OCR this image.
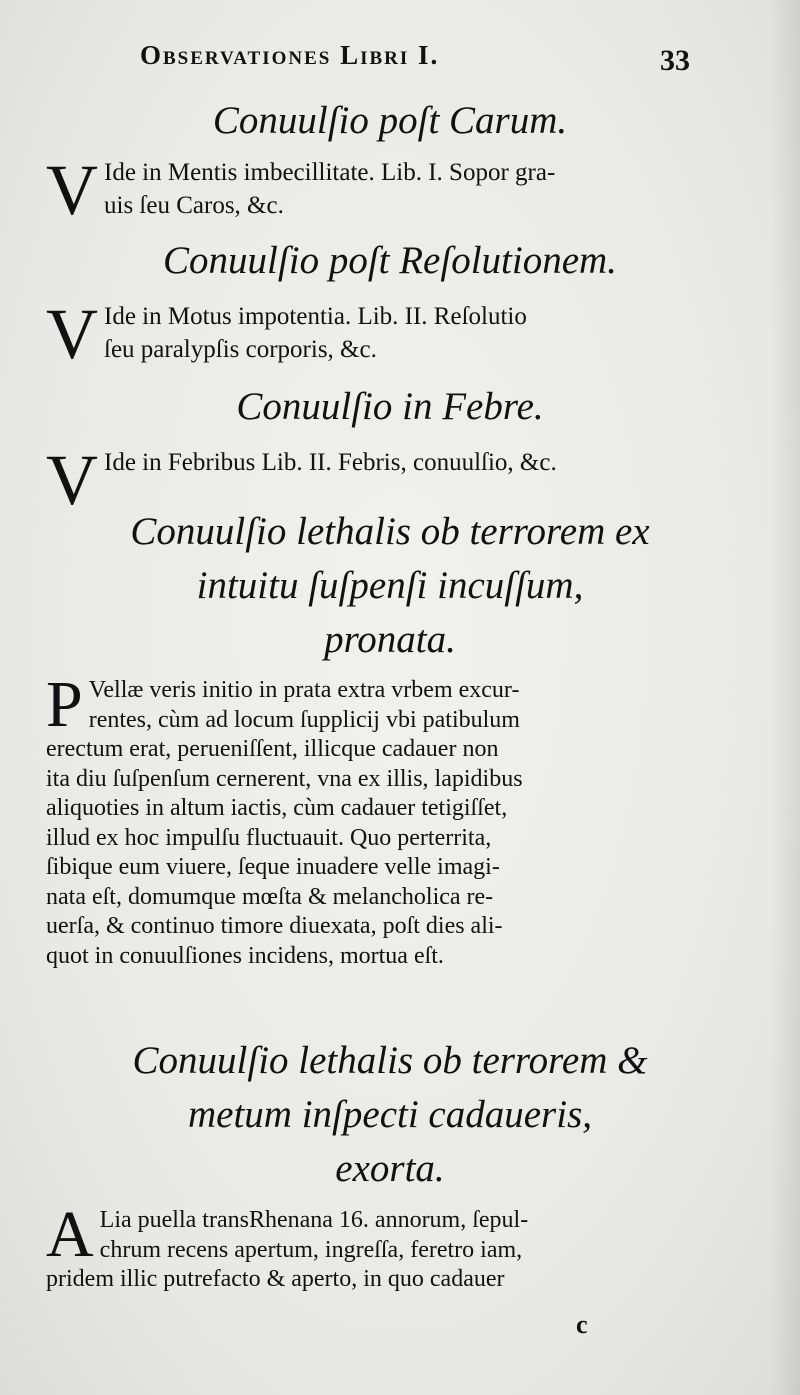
Observationes Libri I.	33
Conuulſio poſt Carum.
V Ide in Mentis imbecillitate. Lib. I. Sopor gra-
uis ſeu Caros, &c.
Conuulſio poſt Reſolutionem.
V Ide in Motus impotentia. Lib. II. Reſolutio
ſeu paralypſis corporis, &c.
Conuulſio in Febre.
V Ide in Febribus Lib. II. Febris, conuulſio, &c.
Conuulſio lethalis ob terrorem ex
intuitu ſuſpenſi incuſſum,
pronata.
P Vellæ veris initio in prata extra vrbem excur-
rentes, cùm ad locum ſupplicij vbi patibulum
erectum erat, perueniſſent, illicque cadauer non
ita diu ſuſpenſum cernerent, vna ex illis, lapidibus
aliquoties in altum iactis, cùm cadauer tetigiſſet,
illud ex hoc impulſu fluctuauit. Quo perterrita,
ſibique eum viuere, ſeque inuadere velle imagi-
nata eſt, domumque mœſta & melancholica re-
uerſa, & continuo timore diuexata, poſt dies ali-
quot in conuulſiones incidens, mortua eſt.
Conuulſio lethalis ob terrorem &
metum inſpecti cadaueris,
exorta.
A Lia puella transRhenana 16. annorum, ſepul-
chrum recens apertum, ingreſſa, feretro iam,
pridem illic putrefacto & aperto, in quo cadauer
c
